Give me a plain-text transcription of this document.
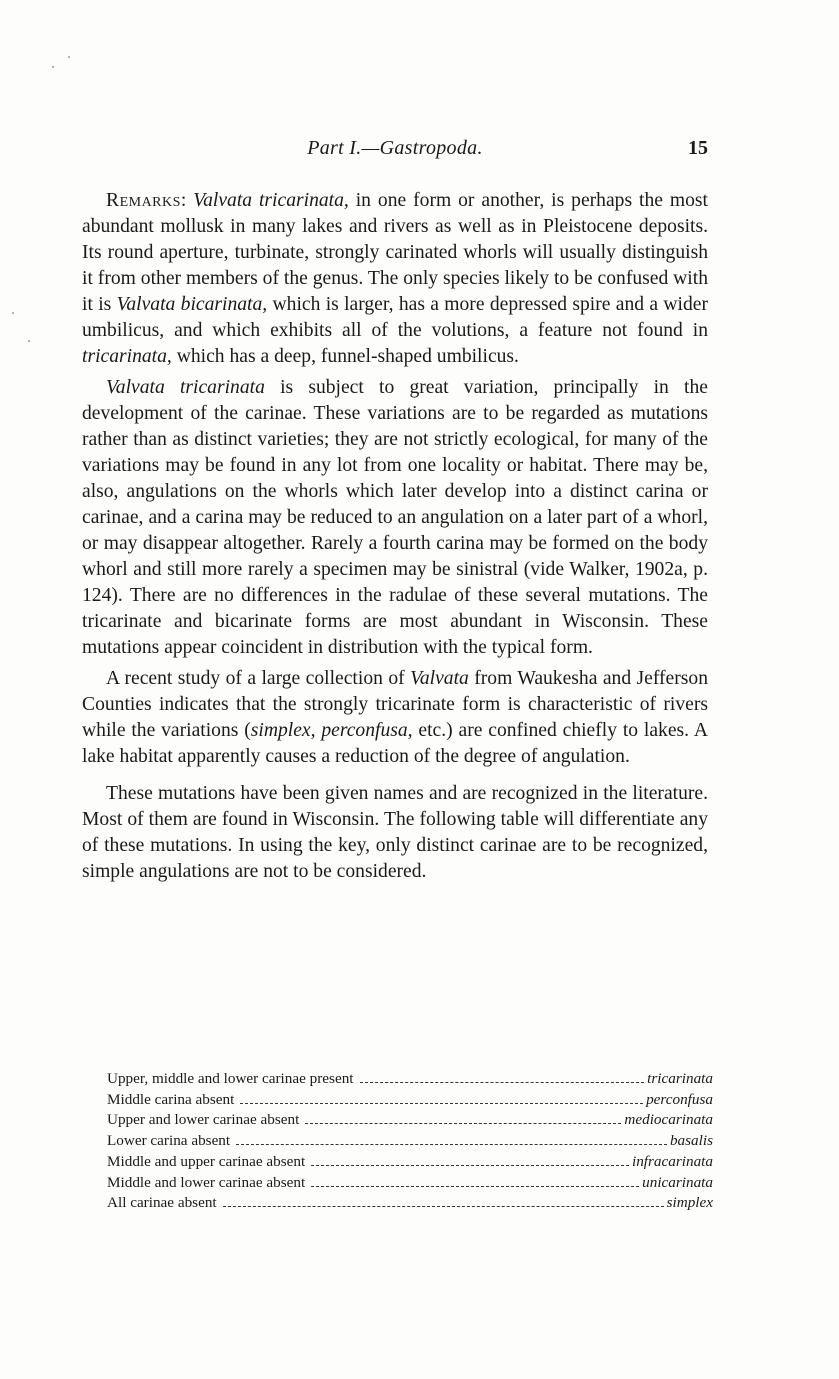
Part I.—Gastropoda.	15

Remarks: Valvata tricarinata, in one form or another, is perhaps the most abundant mollusk in many lakes and rivers as well as in Pleistocene deposits. Its round aperture, turbinate, strongly carinated whorls will usually distinguish it from other members of the genus. The only species likely to be confused with it is Valvata bicarinata, which is larger, has a more depressed spire and a wider umbilicus, and which exhibits all of the volutions, a feature not found in tricarinata, which has a deep, funnel-shaped umbilicus.

Valvata tricarinata is subject to great variation, principally in the development of the carinae. These variations are to be regarded as mutations rather than as distinct varieties; they are not strictly ecological, for many of the variations may be found in any lot from one locality or habitat. There may be, also, angulations on the whorls which later develop into a distinct carina or carinae, and a carina may be reduced to an angulation on a later part of a whorl, or may disappear altogether. Rarely a fourth carina may be formed on the body whorl and still more rarely a specimen may be sinistral (vide Walker, 1902a, p. 124). There are no differences in the radulae of these several mutations. The tricarinate and bicarinate forms are most abundant in Wisconsin. These mutations appear coincident in distribution with the typical form.

A recent study of a large collection of Valvata from Waukesha and Jefferson Counties indicates that the strongly tricarinate form is characteristic of rivers while the variations (simplex, perconfusa, etc.) are confined chiefly to lakes. A lake habitat apparently causes a reduction of the degree of angulation.

These mutations have been given names and are recognized in the literature. Most of them are found in Wisconsin. The following table will differentiate any of these mutations. In using the key, only distinct carinae are to be recognized, simple angulations are not to be considered.

Upper, middle and lower carinae present	tricarinata
Middle carina absent	perconfusa
Upper and lower carinae absent	mediocarinata
Lower carina absent	basalis
Middle and upper carinae absent	infracarinata
Middle and lower carinae absent	unicarinata
All carinae absent	simplex
